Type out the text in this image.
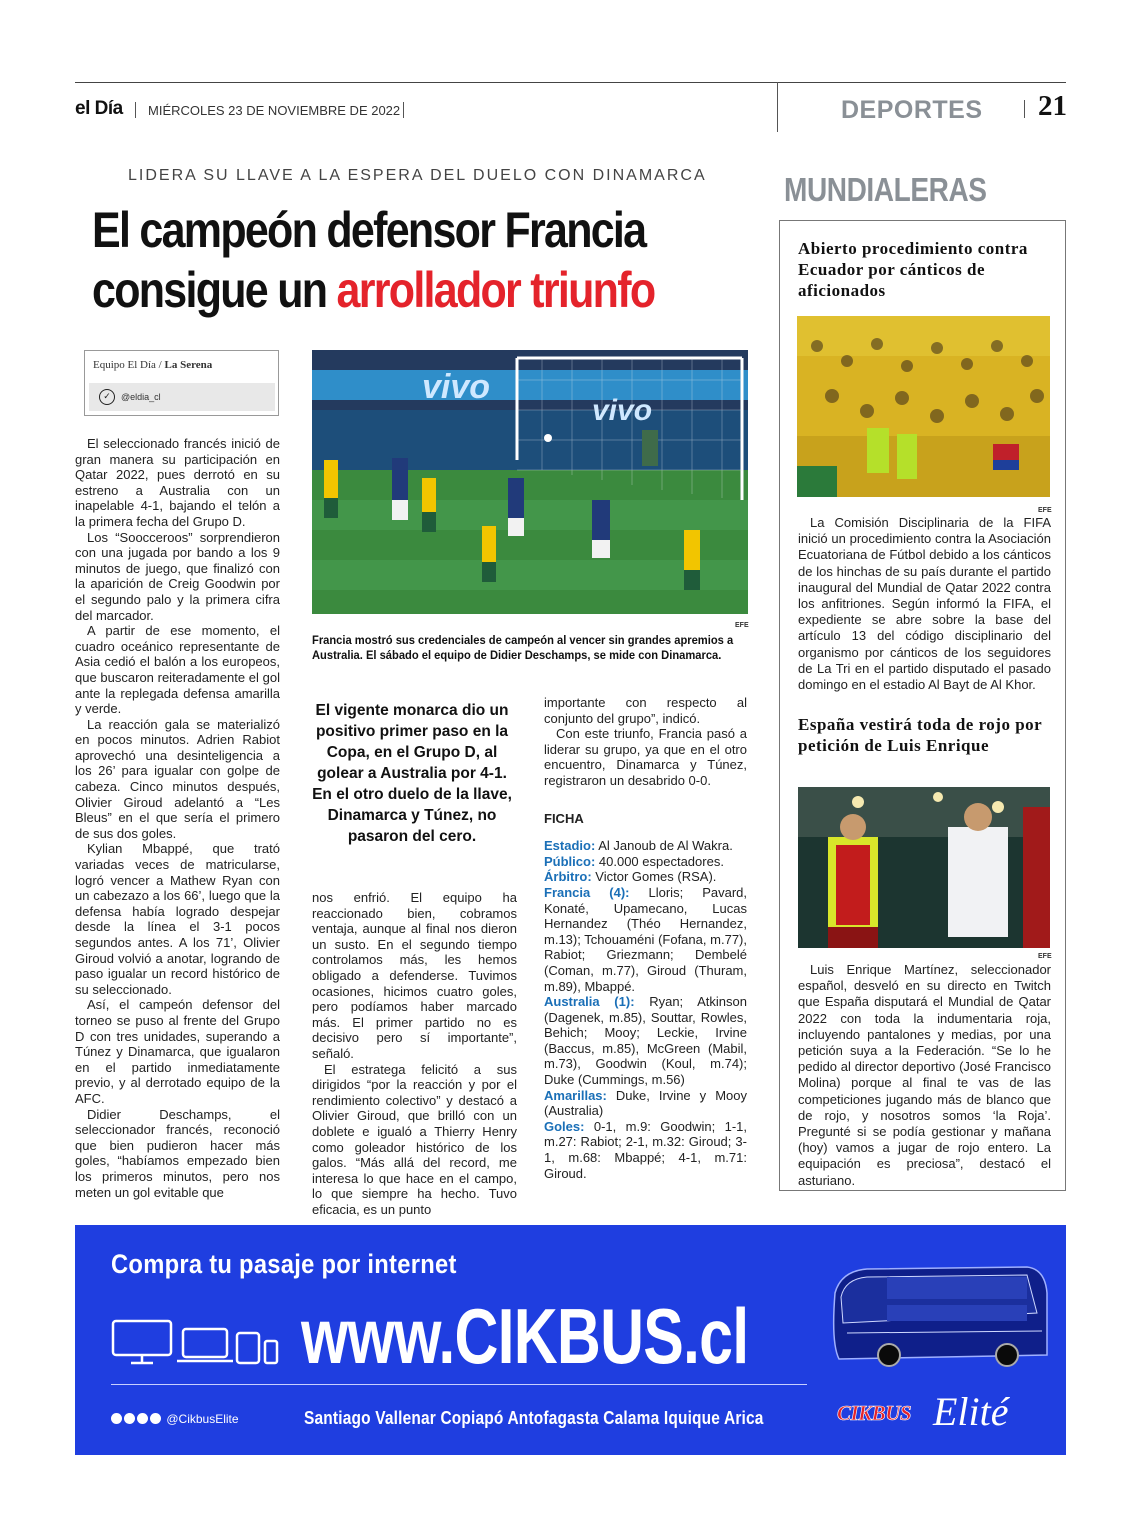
el Día MIÉRCOLES 23 DE NOVIEMBRE DE 2022	DEPORTES 21
LIDERA SU LLAVE A LA ESPERA DEL DUELO CON DINAMARCA
El campeón defensor Francia consigue un arrollador triunfo
Equipo El Día / La Serena
✓	@eldia_cl

El seleccionado francés inició de gran manera su participación en Qatar 2022, pues derrotó en su estreno a Australia con un inapelable 4-1, bajando el telón a la primera fecha del Grupo D.

Los “Soocceroos” sorprendieron con una jugada por bando a los 9 minutos de juego, que finalizó con la aparición de Creig Goodwin por el segundo palo y la primera cifra del marcador.

A partir de ese momento, el cuadro oceánico representante de Asia cedió el balón a los europeos, que buscaron reiteradamente el gol ante la replegada defensa amarilla y verde.

La reacción gala se materializó en pocos minutos. Adrien Rabiot aprovechó una desinteligencia a los 26’ para igualar con golpe de cabeza. Cinco minutos después, Olivier Giroud adelantó a “Les Bleus” en el que sería el primero de sus dos goles.

Kylian Mbappé, que trató variadas veces de matricularse, logró vencer a Mathew Ryan con un cabezazo a los 66’, luego que la defensa había logrado despejar desde la línea el 3-1 pocos segundos antes. A los 71’, Olivier Giroud volvió a anotar, logrando de paso igualar un record histórico de su seleccionado.

Así, el campeón defensor del torneo se puso al frente del Grupo D con tres unidades, superando a Túnez y Dinamarca, que igualaron en el partido inmediatamente previo, y al derrotado equipo de la AFC.

Didier Deschamps, el seleccionador francés, reconoció que bien pudieron hacer más goles, “habíamos empezado bien los primeros minutos, pero nos meten un gol evitable que

vivo
vivo
EFE
Francia mostró sus credenciales de campeón al vencer sin grandes apremios a Australia. El sábado el equipo de Didier Deschamps, se mide con Dinamarca.
El vigente monarca dio un positivo primer paso en la Copa, en el Grupo D, al golear a Australia por 4-1. En el otro duelo de la llave, Dinamarca y Túnez, no pasaron del cero.

nos enfrió. El equipo ha reaccionado bien, cobramos ventaja, aunque al final nos dieron un susto. En el segundo tiempo controlamos más, les hemos obligado a defenderse. Tuvimos ocasiones, hicimos cuatro goles, pero podíamos haber marcado más. El primer partido no es decisivo pero sí importante”, señaló.

El estratega felicitó a sus dirigidos “por la reacción y por el rendimiento colectivo” y destacó a Olivier Giroud, que brilló con un doblete e igualó a Thierry Henry como goleador histórico de los galos. “Más allá del record, me interesa lo que hace en el campo, lo que siempre ha hecho. Tuvo eficacia, es un punto

importante con respecto al conjunto del grupo”, indicó.

Con este triunfo, Francia pasó a liderar su grupo, ya que en el otro encuentro, Dinamarca y Túnez, registraron un desabrido 0-0.

FICHA

Estadio: Al Janoub de Al Wakra.

Público: 40.000 espectadores.

Árbitro: Victor Gomes (RSA).

Francia (4): Lloris; Pavard, Konaté, Upamecano, Lucas Hernandez (Théo Hernandez, m.13); Tchouaméni (Fofana, m.77), Rabiot; Griezmann; Dembelé (Coman, m.77), Giroud (Thuram, m.89), Mbappé.

Australia (1): Ryan; Atkinson (Dagenek, m.85), Souttar, Rowles, Behich; Mooy; Leckie, Irvine (Baccus, m.85), McGreen (Mabil, m.73), Goodwin (Koul, m.74); Duke (Cummings, m.56)

Amarillas: Duke, Irvine y Mooy (Australia)

Goles: 0-1, m.9: Goodwin; 1-1, m.27: Rabiot; 2-1, m.32: Giroud; 3-1, m.68: Mbappé; 4-1, m.71: Giroud.

MUNDIALERAS
Abierto procedimiento contra Ecuador por cánticos de aficionados
EFE

La Comisión Disciplinaria de la FIFA inició un procedimiento contra la Asociación Ecuatoriana de Fútbol debido a los cánticos de los hinchas de su país durante el partido inaugural del Mundial de Qatar 2022 contra los anfitriones. Según informó la FIFA, el expediente se abre sobre la base del artículo 13 del código disciplinario del organismo por cánticos de los seguidores de La Tri en el partido disputado el pasado domingo en el estadio Al Bayt de Al Khor.

España vestirá toda de rojo por petición de Luis Enrique
EFE

Luis Enrique Martínez, seleccionador español, desveló en su directo en Twitch que España disputará el Mundial de Qatar 2022 con toda la indumentaria roja, incluyendo pantalones y medias, por una petición suya a la Federación. “Se lo he pedido al director deportivo (José Francisco Molina) porque al final te vas de las competiciones jugando más de blanco que de rojo, y nosotros somos ‘la Roja’. Pregunté si se podía gestionar y mañana (hoy) vamos a jugar de rojo entero. La equipación es preciosa”, destacó el asturiano.

Compra tu pasaje por internet
www.CIKBUS.cl
@CikbusElite	Santiago Vallenar Copiapó Antofagasta Calama Iquique Arica	CIKBUS Elité
